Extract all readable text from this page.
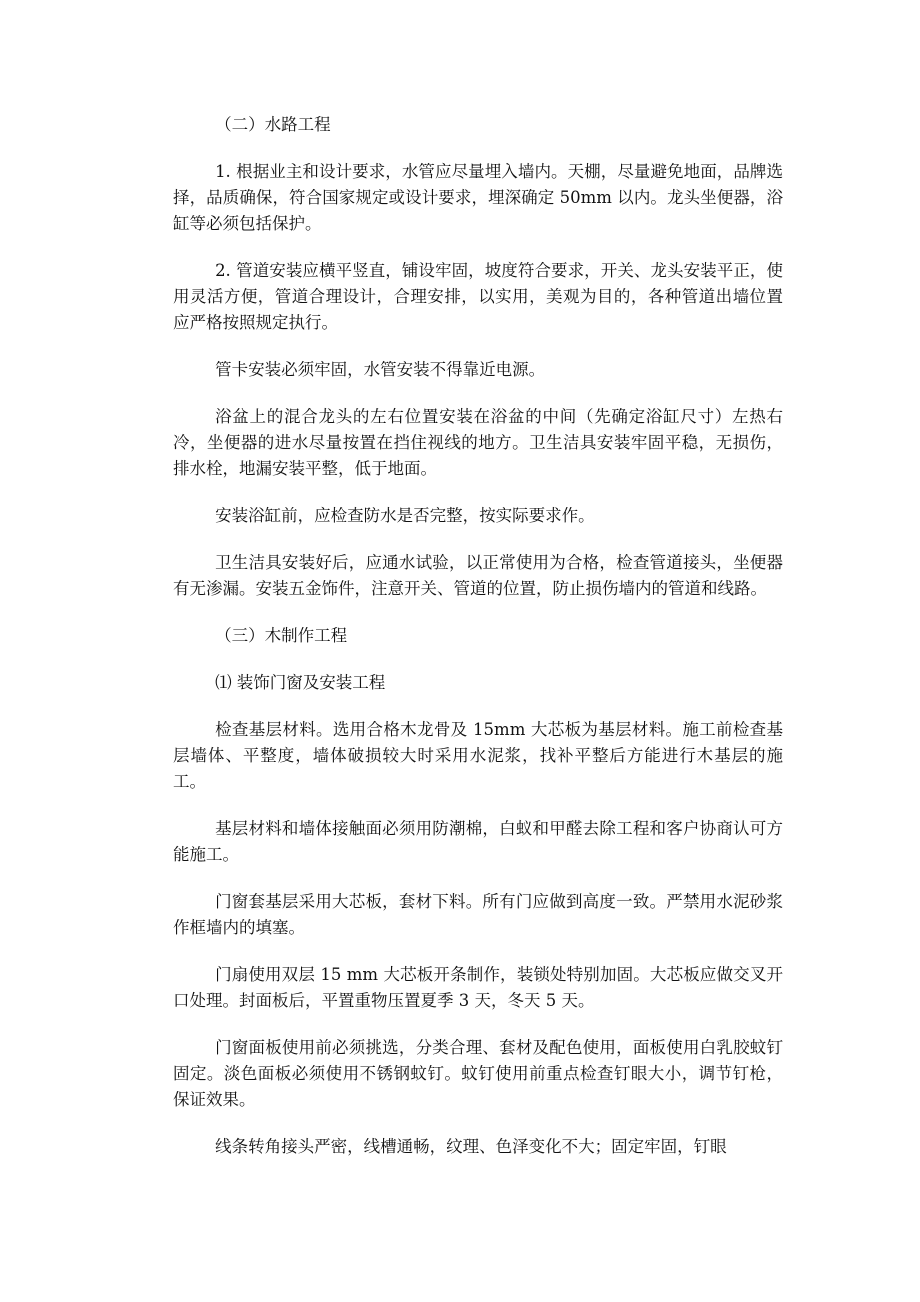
（二）水路工程

1. 根据业主和设计要求，水管应尽量埋入墙内。天棚，尽量避免地面，品牌选择，品质确保，符合国家规定或设计要求，埋深确定 50mm 以内。龙头坐便器，浴缸等必须包括保护。

2. 管道安装应横平竖直，铺设牢固，坡度符合要求，开关、龙头安装平正，使用灵活方便，管道合理设计，合理安排，以实用，美观为目的，各种管道出墙位置应严格按照规定执行。

管卡安装必须牢固，水管安装不得靠近电源。

浴盆上的混合龙头的左右位置安装在浴盆的中间（先确定浴缸尺寸）左热右冷，坐便器的进水尽量按置在挡住视线的地方。卫生洁具安装牢固平稳，无损伤，排水栓，地漏安装平整，低于地面。

安装浴缸前，应检查防水是否完整，按实际要求作。

卫生洁具安装好后，应通水试验，以正常使用为合格，检查管道接头，坐便器有无渗漏。安装五金饰件，注意开关、管道的位置，防止损伤墙内的管道和线路。

（三）木制作工程

⑴ 装饰门窗及安装工程

检查基层材料。选用合格木龙骨及 15mm 大芯板为基层材料。施工前检查基层墙体、平整度，墙体破损较大时采用水泥浆，找补平整后方能进行木基层的施工。

基层材料和墙体接触面必须用防潮棉，白蚁和甲醛去除工程和客户协商认可方能施工。

门窗套基层采用大芯板，套材下料。所有门应做到高度一致。严禁用水泥砂浆作框墙内的填塞。

门扇使用双层 15 mm 大芯板开条制作，装锁处特别加固。大芯板应做交叉开口处理。封面板后，平置重物压置夏季 3 天，冬天 5 天。

门窗面板使用前必须挑选，分类合理、套材及配色使用，面板使用白乳胶蚊钉固定。淡色面板必须使用不锈钢蚊钉。蚊钉使用前重点检查钉眼大小，调节钉枪，保证效果。

线条转角接头严密，线槽通畅，纹理、色泽变化不大；固定牢固，钉眼
